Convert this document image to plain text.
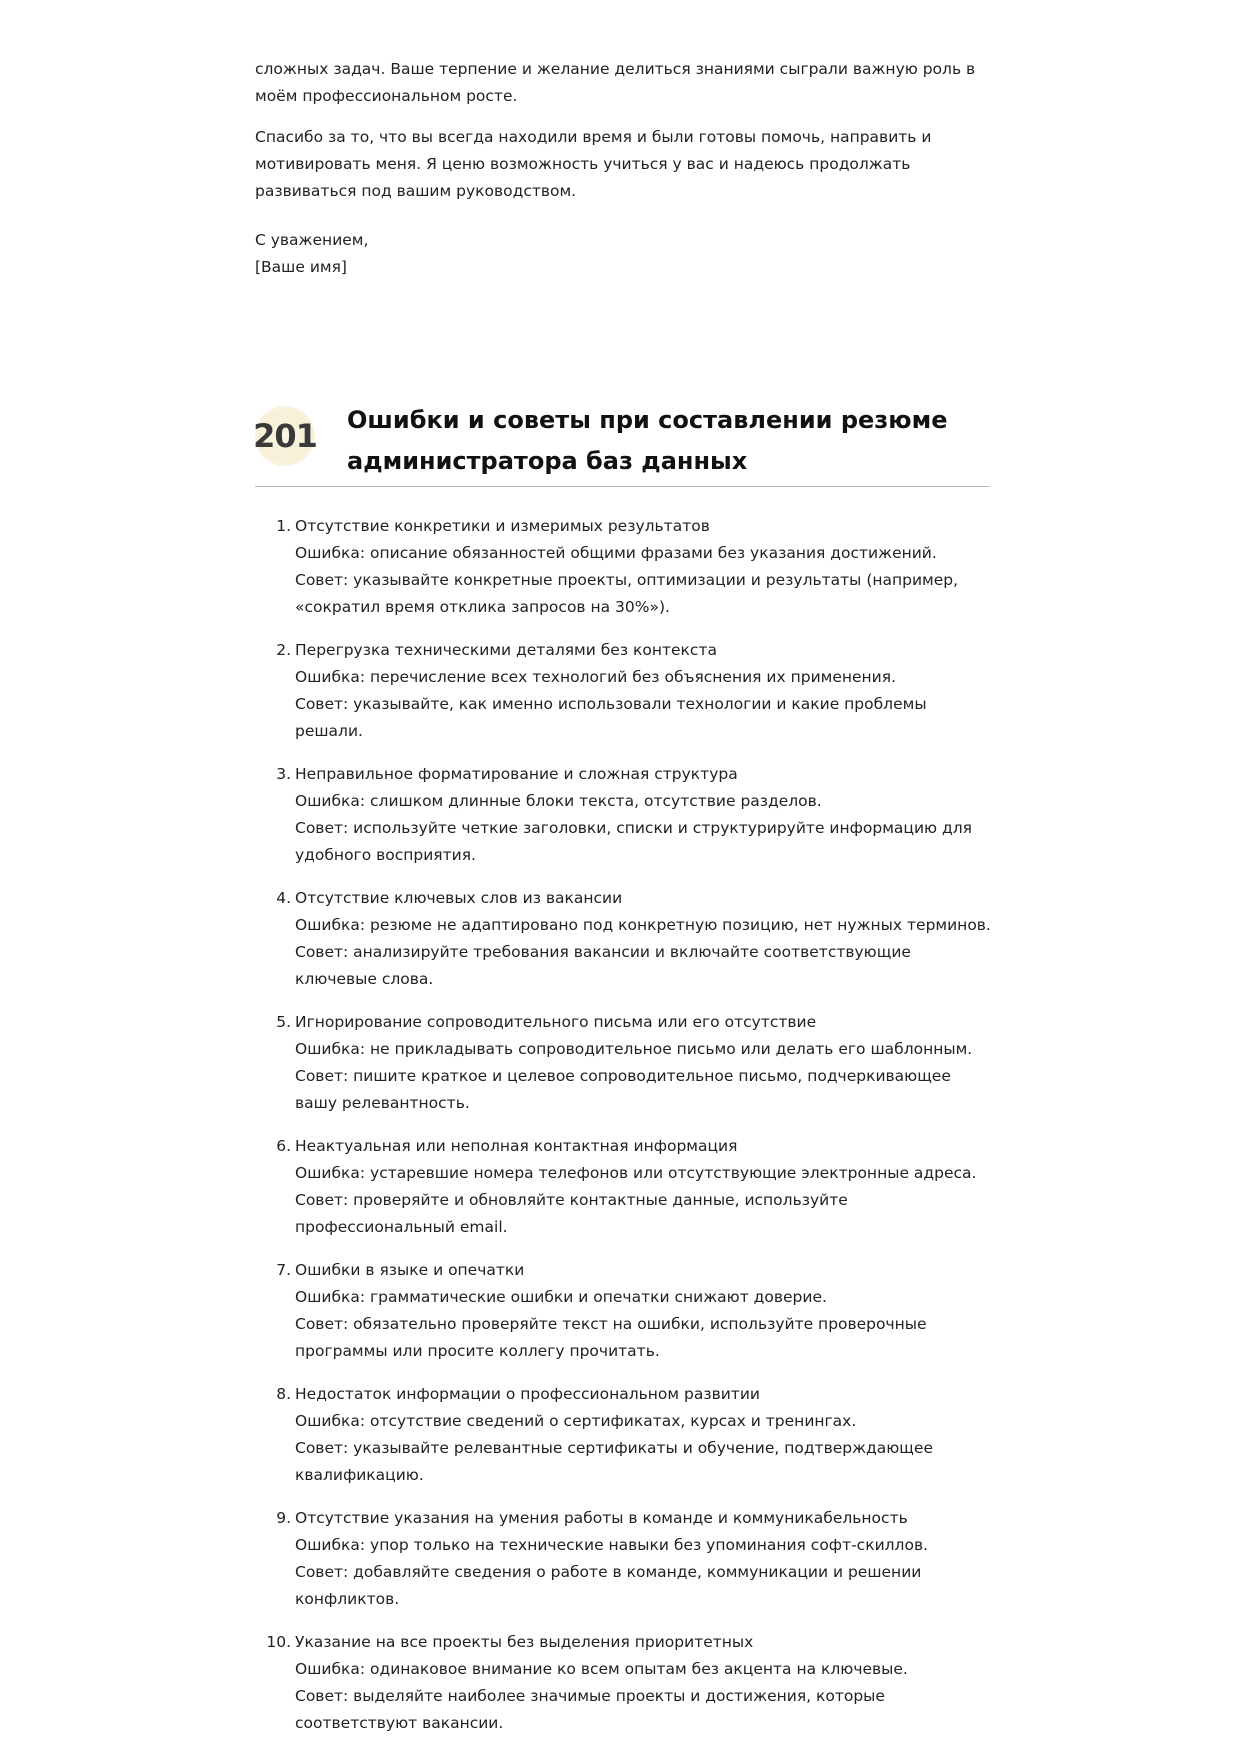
сложных задач. Ваше терпение и желание делиться знаниями сыграли важную роль в моём профессиональном росте.

Спасибо за то, что вы всегда находили время и были готовы помочь, направить и мотивировать меня. Я ценю возможность учиться у вас и надеюсь продолжать развиваться под вашим руководством.

С уважением,
[Ваше имя]
201 Ошибки и советы при составлении резюме администратора баз данных
1. Отсутствие конкретики и измеримых результатов
Ошибка: описание обязанностей общими фразами без указания достижений.
Совет: указывайте конкретные проекты, оптимизации и результаты (например, «сократил время отклика запросов на 30%»).
2. Перегрузка техническими деталями без контекста
Ошибка: перечисление всех технологий без объяснения их применения.
Совет: указывайте, как именно использовали технологии и какие проблемы решали.
3. Неправильное форматирование и сложная структура
Ошибка: слишком длинные блоки текста, отсутствие разделов.
Совет: используйте четкие заголовки, списки и структурируйте информацию для удобного восприятия.
4. Отсутствие ключевых слов из вакансии
Ошибка: резюме не адаптировано под конкретную позицию, нет нужных терминов.
Совет: анализируйте требования вакансии и включайте соответствующие ключевые слова.
5. Игнорирование сопроводительного письма или его отсутствие
Ошибка: не прикладывать сопроводительное письмо или делать его шаблонным.
Совет: пишите краткое и целевое сопроводительное письмо, подчеркивающее вашу релевантность.
6. Неактуальная или неполная контактная информация
Ошибка: устаревшие номера телефонов или отсутствующие электронные адреса.
Совет: проверяйте и обновляйте контактные данные, используйте профессиональный email.
7. Ошибки в языке и опечатки
Ошибка: грамматические ошибки и опечатки снижают доверие.
Совет: обязательно проверяйте текст на ошибки, используйте проверочные программы или просите коллегу прочитать.
8. Недостаток информации о профессиональном развитии
Ошибка: отсутствие сведений о сертификатах, курсах и тренингах.
Совет: указывайте релевантные сертификаты и обучение, подтверждающее квалификацию.
9. Отсутствие указания на умения работы в команде и коммуникабельность
Ошибка: упор только на технические навыки без упоминания софт-скиллов.
Совет: добавляйте сведения о работе в команде, коммуникации и решении конфликтов.
10. Указание на все проекты без выделения приоритетных
Ошибка: одинаковое внимание ко всем опытам без акцента на ключевые.
Совет: выделяйте наиболее значимые проекты и достижения, которые соответствуют вакансии.
